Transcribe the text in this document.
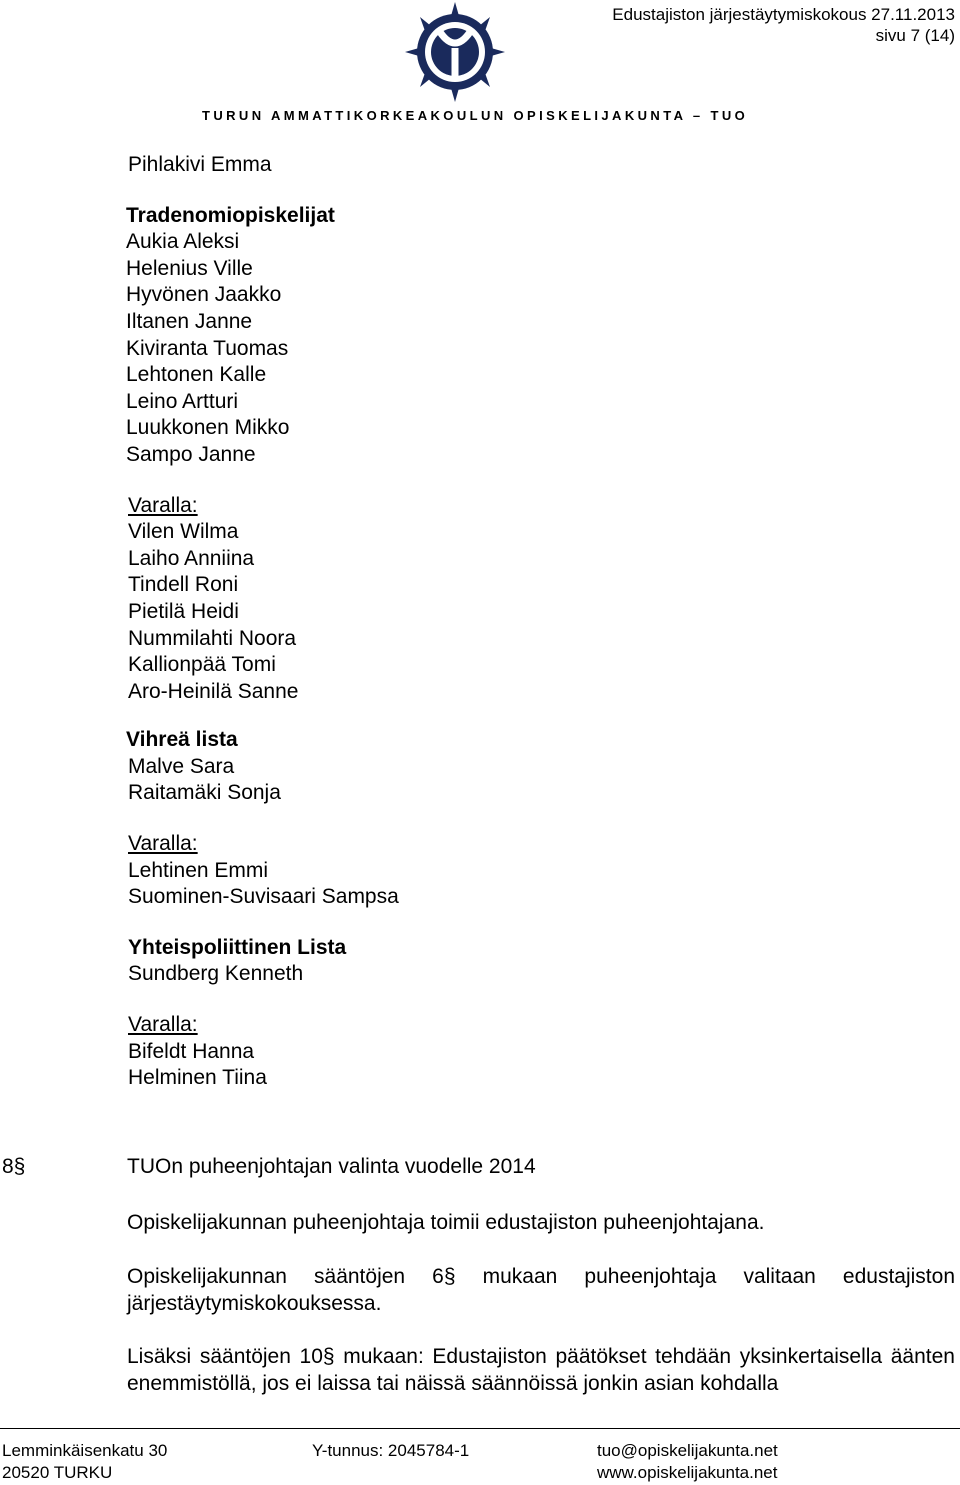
Edustajiston järjestäytymiskokous 27.11.2013
sivu 7 (14)
TURUN AMMATTIKORKEAKOULUN OPISKELIJAKUNTA – TUO
Pihlakivi Emma
Tradenomiopiskelijat
Aukia Aleksi
Helenius Ville
Hyvönen Jaakko
Iltanen Janne
Kiviranta Tuomas
Lehtonen Kalle
Leino Artturi
Luukkonen Mikko
Sampo Janne
Varalla:
Vilen Wilma
Laiho Anniina
Tindell Roni
Pietilä Heidi
Nummilahti Noora
Kallionpää Tomi
Aro-Heinilä Sanne
Vihreä lista
Malve Sara
Raitamäki Sonja
Varalla:
Lehtinen Emmi
Suominen-Suvisaari Sampsa
Yhteispoliittinen Lista
Sundberg Kenneth
Varalla:
Bifeldt Hanna
Helminen Tiina
8§	TUOn puheenjohtajan valinta vuodelle 2014
Opiskelijakunnan puheenjohtaja toimii edustajiston puheenjohtajana.
Opiskelijakunnan sääntöjen 6§ mukaan puheenjohtaja valitaan edustajiston järjestäytymiskokouksessa.
Lisäksi sääntöjen 10§ mukaan: Edustajiston päätökset tehdään yksinkertaisella äänten enemmistöllä, jos ei laissa tai näissä säännöissä jonkin asian kohdalla
Lemminkäisenkatu 30
20520 TURKU
Y-tunnus: 2045784-1	tuo@opiskelijakunta.net
www.opiskelijakunta.net
